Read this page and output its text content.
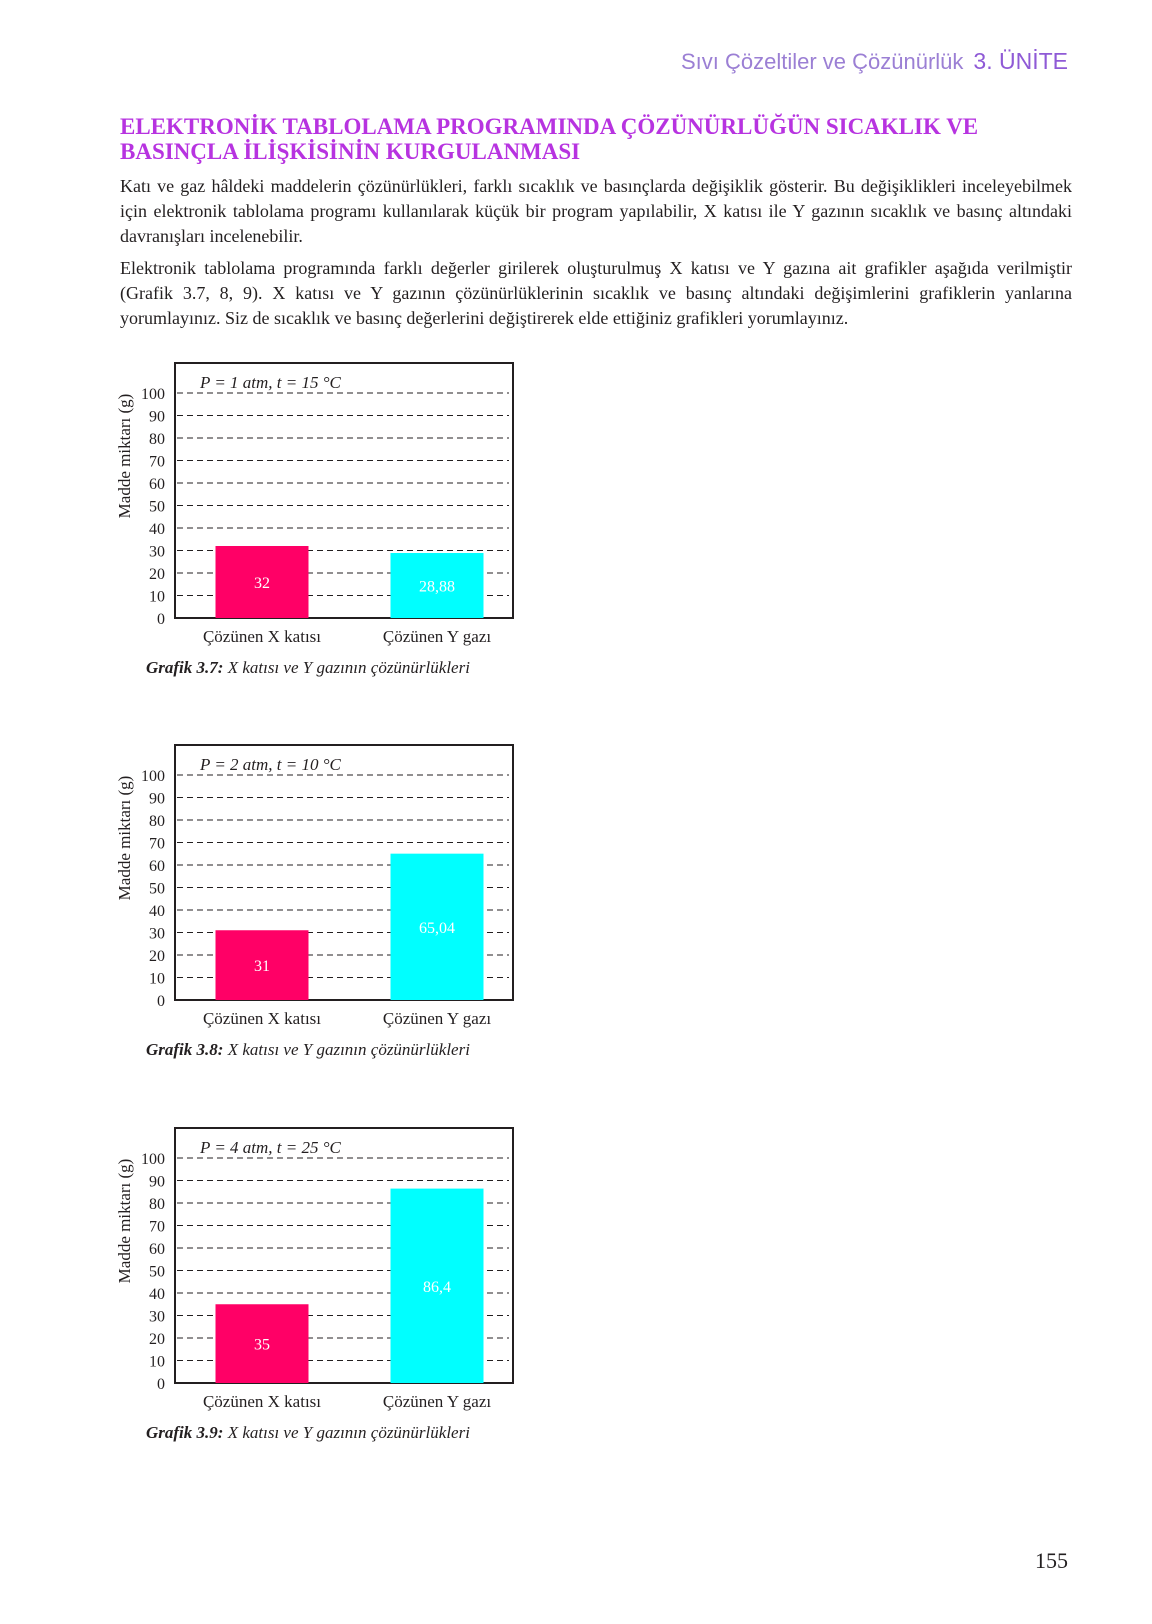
Sıvı Çözeltiler ve Çözünürlük 3. ÜNİTE
ELEKTRONİK TABLOLAMA PROGRAMINDA ÇÖZÜNÜRLÜĞÜN SICAKLIK VE BASINÇLA İLİŞKİSİNİN KURGULANMASI

Katı ve gaz hâldeki maddelerin çözünürlükleri, farklı sıcaklık ve basınçlarda değişiklik gösterir. Bu değişiklikleri inceleyebilmek için elektronik tablolama programı kullanılarak küçük bir program yapılabilir, X katısı ile Y gazının sıcaklık ve basınç altındaki davranışları incelenebilir.

Elektronik tablolama programında farklı değerler girilerek oluşturulmuş X katısı ve Y gazına ait grafikler aşağıda verilmiştir (Grafik 3.7, 8, 9). X katısı ve Y gazının çözünürlüklerinin sıcaklık ve basınç altındaki değişimlerini grafiklerin yanlarına yorumlayınız. Siz de sıcaklık ve basınç değerlerini değiştirerek elde ettiğiniz grafikleri yorumlayınız.

0
10
20
30
40
50
60
70
80
90
100
32
Çözünen X katısı
28,88
Çözünen Y gazı
P = 1 atm, t = 15 °C
Madde miktarı (g)
Grafik 3.7: X katısı ve Y gazının çözünürlükleri
0
10
20
30
40
50
60
70
80
90
100
31
Çözünen X katısı
65,04
Çözünen Y gazı
P = 2 atm, t = 10 °C
Madde miktarı (g)
Grafik 3.8: X katısı ve Y gazının çözünürlükleri
0
10
20
30
40
50
60
70
80
90
100
35
Çözünen X katısı
86,4
Çözünen Y gazı
P = 4 atm, t = 25 °C
Madde miktarı (g)
Grafik 3.9: X katısı ve Y gazının çözünürlükleri
155
